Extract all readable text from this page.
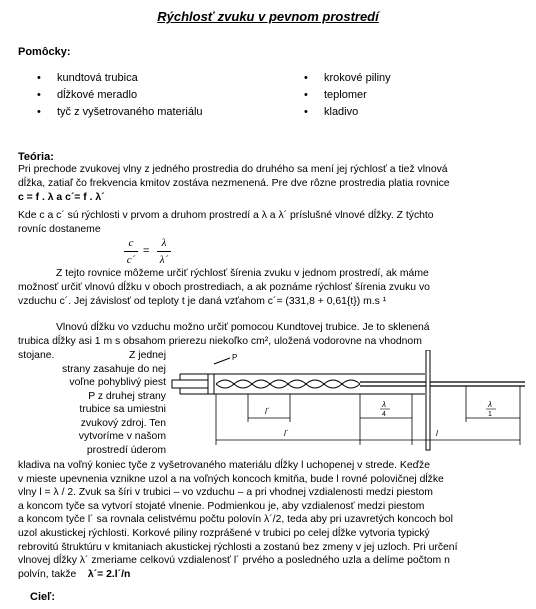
Rýchlosť zvuku v pevnom prostredí
Pomôcky:
• kundtová trubica
• dĺžkové meradlo
• tyč z vyšetrovaného materiálu
• krokové piliny
• teplomer
• kladivo
Teória:
Pri prechode zvukovej vlny z jedného prostredia do druhého sa mení jej rýchlosť a tiež vlnová
dĺžka, zatiaľ čo frekvencia kmitov zostáva nezmenená. Pre dve rôzne prostredia platia rovnice
c = f . λ a c´= f . λ´
Kde c a c´ sú rýchlosti v prvom a druhom prostredí a λ a λ´ príslušné vlnové dĺžky. Z týchto
rovníc dostaneme
c
c´
=
λ
λ´
Z tejto rovnice môžeme určiť rýchlosť šírenia zvuku v jednom prostredí, ak máme
možnosť určiť vlnovú dĺžku v oboch prostrediach, a ak poznáme rýchlosť šírenia zvuku vo
vzduchu c´. Jej závislosť od teploty t je daná vzťahom c´= (331,8 + 0,61{t}) m.s ¹
Vlnovú dĺžku vo vzduchu možno určiť pomocou Kundtovej trubice. Je to sklenená
trubica dĺžky asi 1 m s obsahom prierezu niekoľko cm², uložená vodorovne na vhodnom
stojane.	Z jednej
strany zasahuje do nej
voľne pohyblivý piest
P z druhej strany
trubice sa umiestni
zvukový zdroj. Ten
vytvoríme v našom
prostredí úderom
P
l´
l´
λ
4
λ
1
l
kladiva na voľný koniec tyče z vyšetrovaného materiálu dĺžky l uchopenej v strede. Keďže
v mieste upevnenia vznikne uzol a na voľných koncoch kmitňa, bude l rovné polovičnej dĺžke
vlny l = λ / 2. Zvuk sa šíri v trubici – vo vzduchu – a pri vhodnej vzdialenosti medzi piestom
a koncom tyče sa vytvorí stojaté vlnenie. Podmienkou je, aby vzdialenosť medzi piestom
a koncom tyče l´ sa rovnala celistvému počtu polovín λ´/2, teda aby pri uzavretých koncoch bol
uzol akustickej rýchlosti. Korkové piliny rozprášené v trubici po celej dĺžke vytvoria typický
rebrovitú štruktúru v kmitaniach akustickej rýchlosti a zostanú bez zmeny v jej uzloch. Pri určení
vlnovej dĺžky λ´ zmeriame celkovú vzdialenosť l´ prvého a posledného uzla a delíme počtom n
polvín, takže λ´= 2.l´/n
Cieľ:
